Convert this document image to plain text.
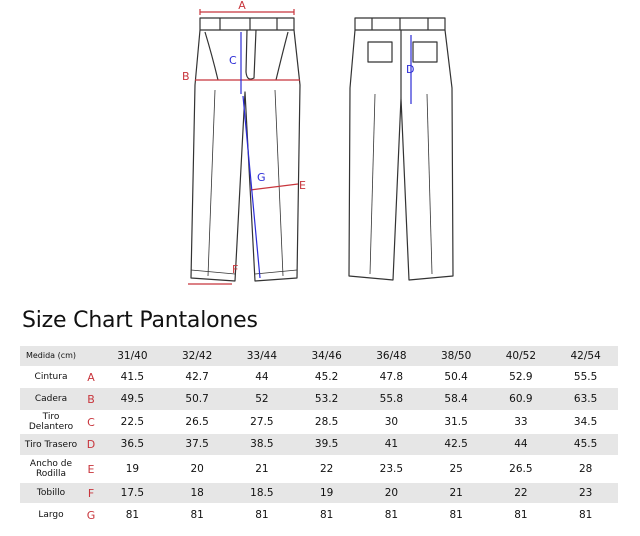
A
B
C
D
E
F
G
Size Chart Pantalones
Medida (cm)		31/40	32/42	33/44	34/46	36/48	38/50	40/52	42/54
Cintura	A	41.5	42.7	44	45.2	47.8	50.4	52.9	55.5
Cadera	B	49.5	50.7	52	53.2	55.8	58.4	60.9	63.5
Tiro Delantero	C	22.5	26.5	27.5	28.5	30	31.5	33	34.5
Tiro Trasero	D	36.5	37.5	38.5	39.5	41	42.5	44	45.5
Ancho de Rodilla	E	19	20	21	22	23.5	25	26.5	28
Tobillo	F	17.5	18	18.5	19	20	21	22	23
Largo	G	81	81	81	81	81	81	81	81
